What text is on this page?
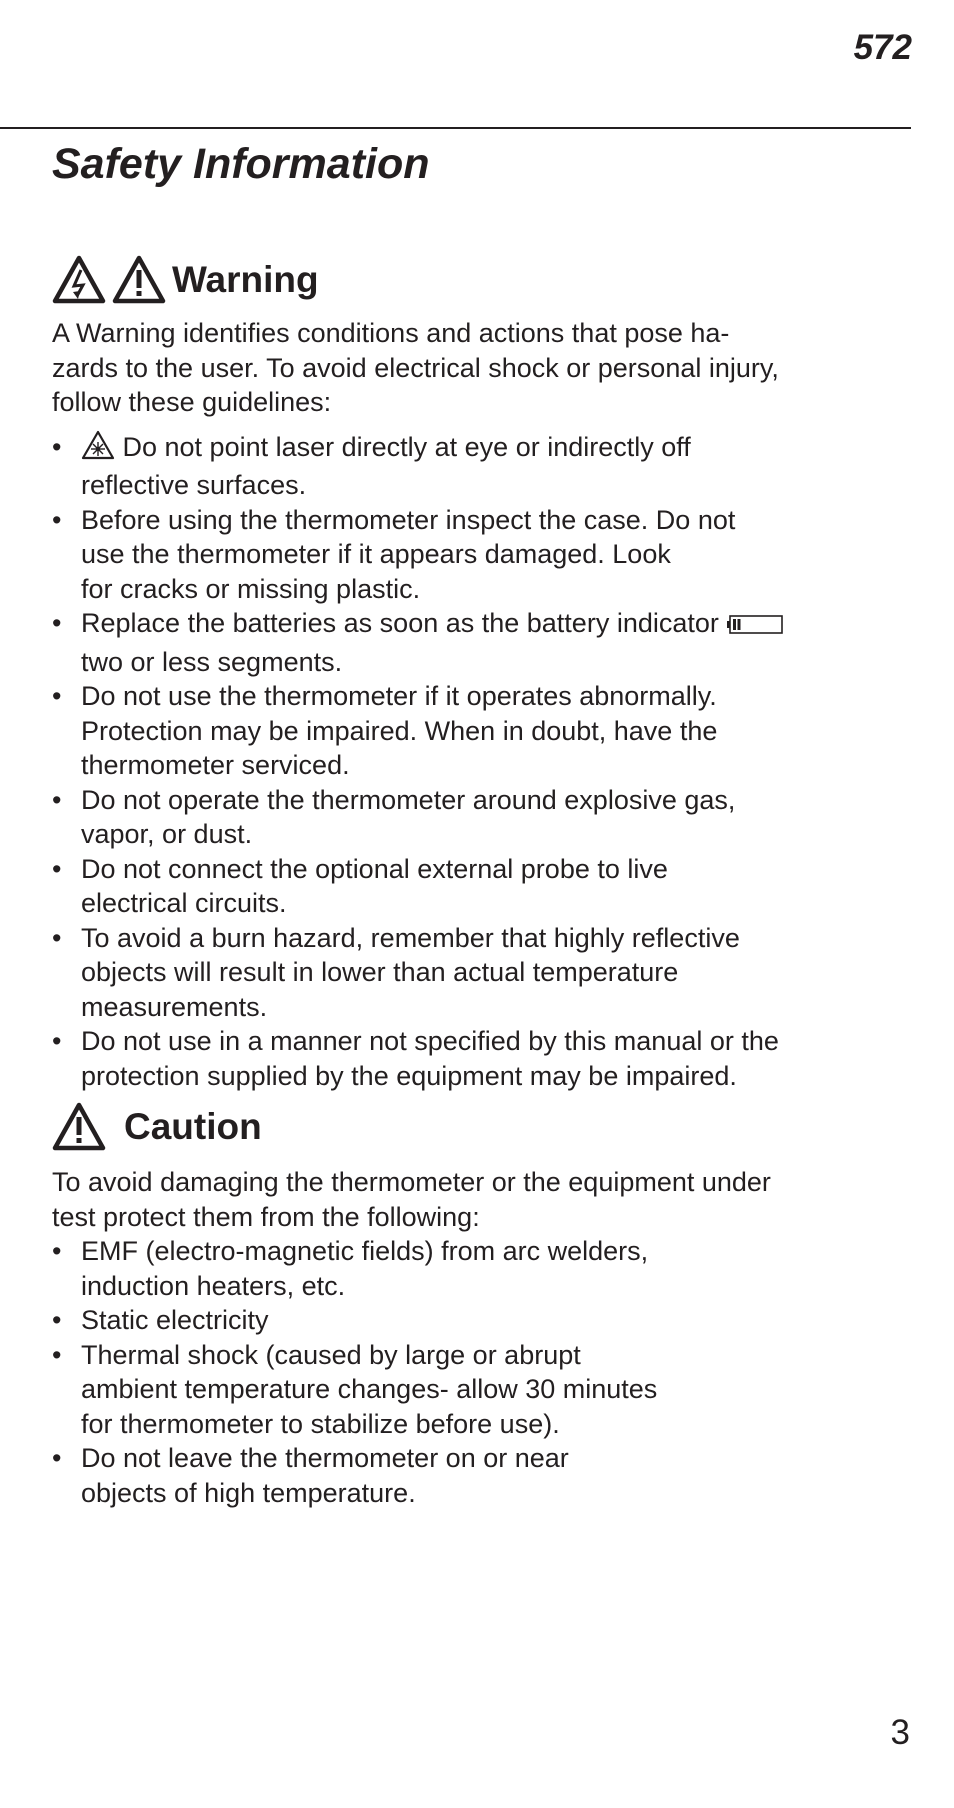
572

Safety Information
Warning

A Warning identifies conditions and actions that pose ha-
zards to the user. To avoid electrical shock or personal injury,
follow these guidelines:

• Do not point laser directly at eye or indirectly off
reflective surfaces.
• Before using the thermometer inspect the case. Do not
use the thermometer if it appears damaged. Look
for cracks or missing plastic.
• Replace the batteries as soon as the battery indicator
two or less segments.
• Do not use the thermometer if it operates abnormally.
Protection may be impaired. When in doubt, have the
thermometer serviced.
• Do not operate the thermometer around explosive gas,
vapor, or dust.
• Do not connect the optional external probe to live
electrical circuits.
• To avoid a burn hazard, remember that highly reflective
objects will result in lower than actual temperature
measurements.
• Do not use in a manner not specified by this manual or the
protection supplied by the equipment may be impaired.
Caution

To avoid damaging the thermometer or the equipment under
test protect them from the following:

• EMF (electro-magnetic fields) from arc welders,
induction heaters, etc.
• Static electricity
• Thermal shock (caused by large or abrupt
ambient temperature changes- allow 30 minutes
for thermometer to stabilize before use).
• Do not leave the thermometer on or near
objects of high temperature.
3
